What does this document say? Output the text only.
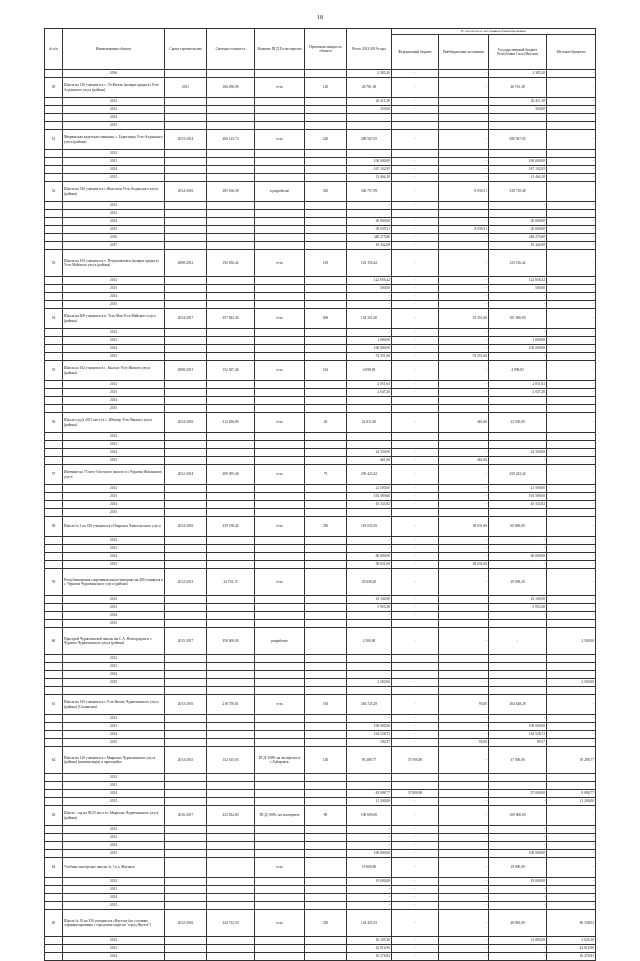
18
№ п/п	Наименование объекта	Сроки строительства	Сметная стоимость	Наличие ПСД Госэкспертиза	Проектная мощность объекта	Всего 2012-2019 годы	В том числе по источникам финансирования			
							Федеральный бюджет	Внебюджетные источники	Государственный бюджет Республики Саха (Якутия)	Местные бюджеты
	2016					2 385,20	-	-	2 385,20	-
50	Школа на 120 учащихся в с. Уо-Кюель (возврат кредита) Усть-Алданского улуса (района)	2011	166 296,96	есть	120	26 761,38	-	-	26 761,38	-
	2012					26 411,38	-	-	26 411,38	-
	2013					350,00	-	-	350,00	-
	2014									
	2015									
51	Мюрюнская кадетская гимназия, с. Борогонцы Усть-Алданского улуса (района)	2013-2014	266 123,73	есть	220	280 567,05	-	-	280 567,05	-
	2012									
	2013					100 000,00	-	-	100 000,00	-
	2014					167 102,95	-	-	167 102,95	-
	2015					13 464,10	-	-	13 464,10	-
52	Школа на 320 учащихся в с.Жохсогон Усть-Алданского улуса (района)	2014-2016	385 166,58	в разработке	320	346 757,99	-	8 039,51	338 718,48	-
	2012					-	-	-	-	-
	2013									
	2014					30 000,00	-	-	30 000,00	-
	2015					58 039,51	-	8 039,51	50 000,00	-
	2016					248 275,80	-	-	248 275,80	-
	2017					10 442,68	-	-	10 442,68	-
53	Школа на 165 учащихся в с. Петропавловск (возврат кредита) Усть-Майского улуса (района)	2008-2012	192 656,42	есть	165	123 156,42	-	-	123 156,42	-
	2012					122 656,42	-	-	122 656,42	-
	2013					500,00	-	-	500,00	-
	2014					-	-	-	-	-
	2015					-	-	-	-	-
54	Школа на 400 учащихся в п. Усть-Мая Усть-Майского улуса (района)	2014-2017	357 822,40	есть	400	154 351,60	-	53 351,60	101 000,00	-
	2012					-	-	-	-	-
	2013					1 000,00	-	-	1 000,00	-
	2014					100 000,00	-	-	100 000,00	-
	2015					53 351,60	-	53 351,60	-	-
55	Школа на 162 учащихся в с. Кыллах Усть-Янского улуса (района)	2008-2013	152 367,46	есть	162	4 098,83	-	-	4 098,83	-
	2012					2 051,63	-	-	2 051,63	-
	2013					2 047,20	-	-	2 047,20	-
	2014									
	2015									
56	Школа-сад (в 2015 мест) в с. Юбилер Усть-Янского улуса (района)	2014-2016	312 296,80	есть	20	24 811,60	-	461,60	24 350,00	-
	2012									
	2013									
	2014					24 350,00	-	-	24 350,00	-
	2015					461,60	-	461,60	-	-
57	Интернат на 75 мест Охотского жилого в с.Чурапча Жиганского улуса	2012-2014	209 305,46	есть	75	259 423,42	-	-	259 423,42	-
	2012					21 500,00	-	-	21 500,00	-
	2013					192 589,60	-	-	192 589,60	-
	2014					45 333,82	-	-	45 333,82	-
	2015									
58	Школа № 3 на 350 учащихся в г.Покровск Хангаласского улуса	2014-2016	439 198,42	есть	350	118 031,69	-	58 031,69	60 000,00	-
	2012					-	-	-	-	-
	2013					-	-	-	-	-
	2014					60 000,00	-	-	60 000,00	-
	2015					58 031,69	-	58 031,69	-	-
59	Республиканская спортивная школа-интернат на 400 учащихся в с. Чурапча Чурапчинского улуса (района)	2012-2013	24 702,15	есть		29 058,20	-	-	29 058,20	-
	2012					23 104,90	-	-	23 104,90	-
	2013					5 953,30	-	-	5 953,30	-
	2014					-	-	-	-	-
	2015									
60	Пристрой Чурапчинской школы им.С.А. Новгородова в с. Чурапча Чурапчинского улуса (района)	2015-2017	350 000,00	разработке		2 500,00	-	-	-	2 500,00
	2012									
	2013									
	2014									
	2015					2 500,00	-	-	-	2 500,00

61	Школа на 165 учащихся в с.Усть-Кюель Чурапчинского улуса (района) (Сыланская)	2013-2016	218 376,81	есть	165	264 723,29	-	95,00	264 628,29	-
	2012					-	-	-	-	-
	2013					100 000,00	-	-	100 000,00	-
	2014					164 528,72	-	-	164 528,72	-
	2015					194,57	-	95,00	99,57	-
62	Школа на 120 учащихся в с.Мырылах Чурапчинского улуса (района) (компенсация) и пристройка	2014-2015	152 615,03	ПСД-100% на экспертизе в г.Хабаровск	120	95 288,77	37 000,00	-	37 000,00	19 288,77
	2012									
	2013									
	2014					82 088,77	37 000,00	-	37 000,00	8 088,77
	2015					11 200,00	-	-	-	11 200,00
63	Школа - сад на 90/25 мест в с.Мырылах Чурапчинского улуса (района)	2016-2017	223 832,60	ПСД-100%, на экспертизе	90	100 000,00	-	-	100 000,00	-
	2012					-	-	-	-	-
	2013					-	-	-	-	-
	2014					-	-	-	-	-
	2015					100 000,00	-	-	100 000,00	-
64	Учебные мастерские школы № 1 в п. Жиганск			есть		19 000,00	-	-	19 000,00	-
	2012					19 000,00	-	-	19 000,00	-
	2013					-	-	-	-	-
	2014					-	-	-	-	-
	2015					-	-	-	-	-
65	Школа № 18 на 350 учащихся в г.Якутске (на условиях софинансирования с городским округом "город Якутск")	2012-2016	344 722,50	есть	350	144 421,03	-	-	48 083,00	96 338,03
	2012					16 105,30	-	-	13 085,00	3 045,30
	2013					42 016,90	-	-	-	42 016,90
	2014					16 276,83	-	-	-	16 276,83
